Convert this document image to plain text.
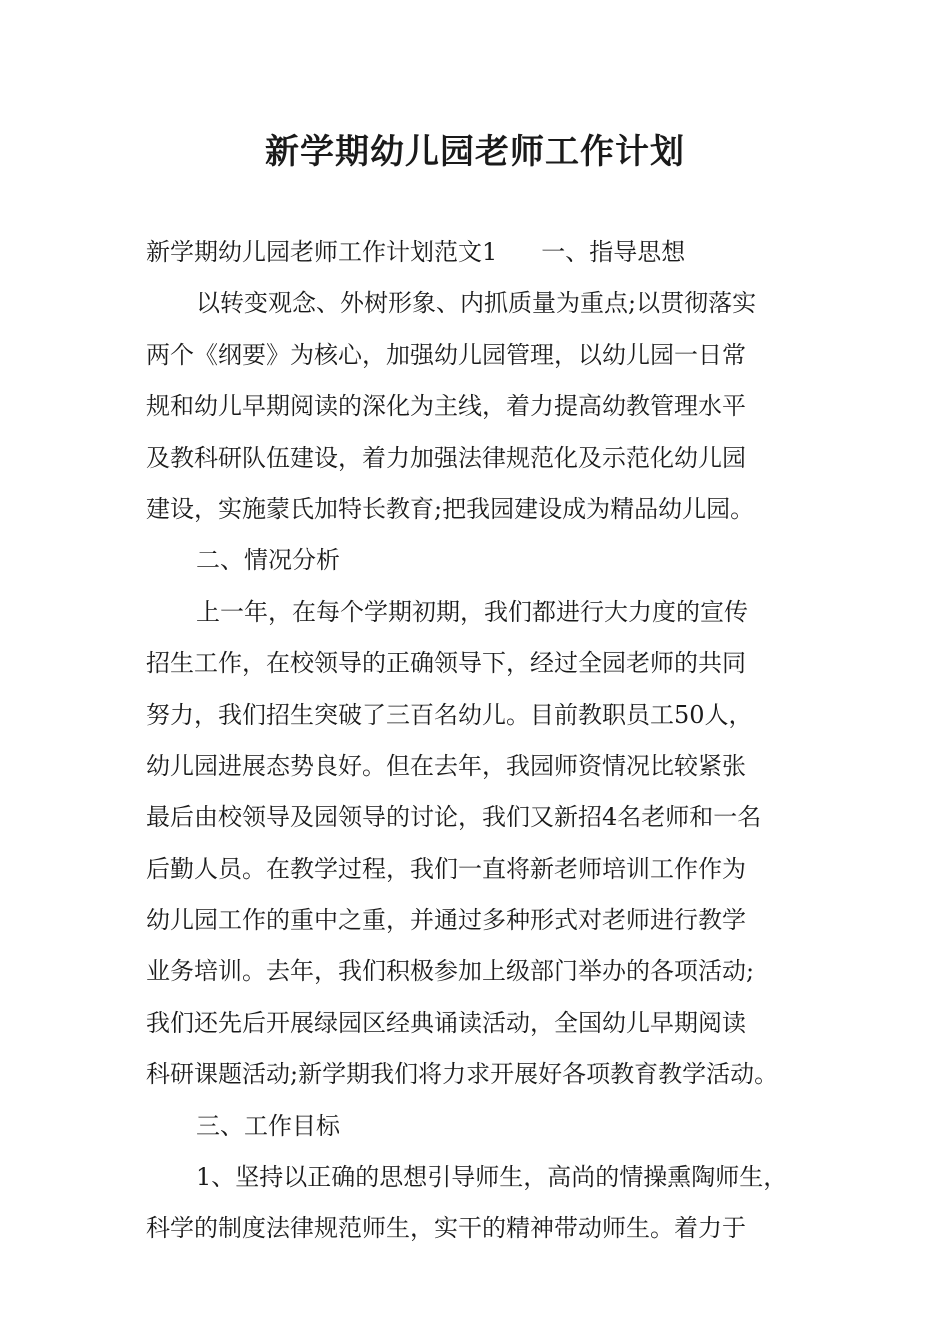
新学期幼儿园老师工作计划
新学期幼儿园老师工作计划范文1 一、指导思想
以转变观念、外树形象、内抓质量为重点;以贯彻落实
两个《纲要》为核心，加强幼儿园管理，以幼儿园一日常
规和幼儿早期阅读的深化为主线，着力提高幼教管理水平
及教科研队伍建设，着力加强法律规范化及示范化幼儿园
建设，实施蒙氏加特长教育;把我园建设成为精品幼儿园。
二、情况分析
上一年，在每个学期初期，我们都进行大力度的宣传
招生工作，在校领导的正确领导下，经过全园老师的共同
努力，我们招生突破了三百名幼儿。目前教职员工50人，
幼儿园进展态势良好。但在去年，我园师资情况比较紧张
最后由校领导及园领导的讨论，我们又新招4名老师和一名
后勤人员。在教学过程，我们一直将新老师培训工作作为
幼儿园工作的重中之重，并通过多种形式对老师进行教学
业务培训。去年，我们积极参加上级部门举办的各项活动;
我们还先后开展绿园区经典诵读活动，全国幼儿早期阅读
科研课题活动;新学期我们将力求开展好各项教育教学活动。
三、工作目标
1、坚持以正确的思想引导师生，高尚的情操熏陶师生，
科学的制度法律规范师生，实干的精神带动师生。着力于
